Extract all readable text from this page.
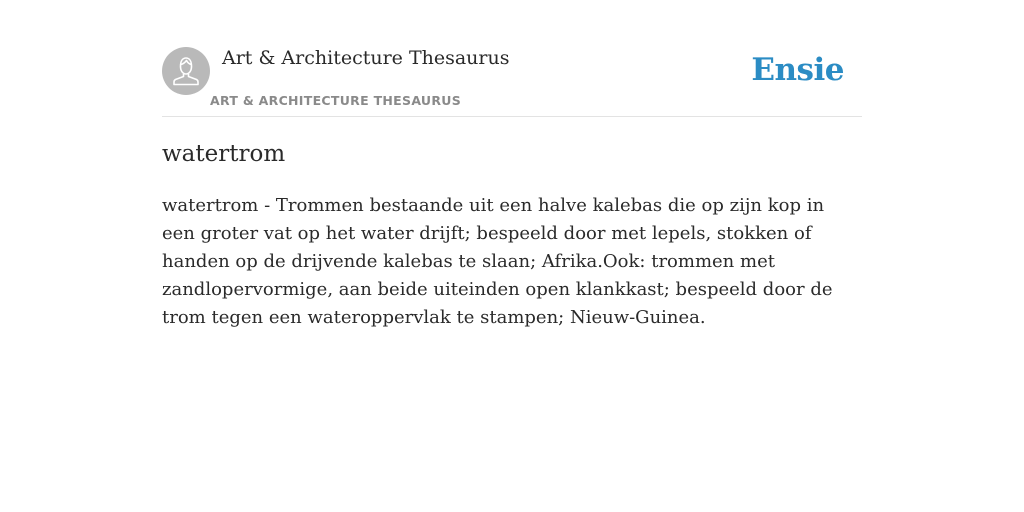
Art & Architecture Thesaurus
ART & ARCHITECTURE THESAURUS
Ensie
watertrom

watertrom - Trommen bestaande uit een halve kalebas die op zijn kop in een groter vat op het water drijft; bespeeld door met lepels, stokken of handen op de drijvende kalebas te slaan; Afrika.Ook: trommen met zandlopervormige, aan beide uiteinden open klankkast; bespeeld door de trom tegen een wateroppervlak te stampen; Nieuw-Guinea.
